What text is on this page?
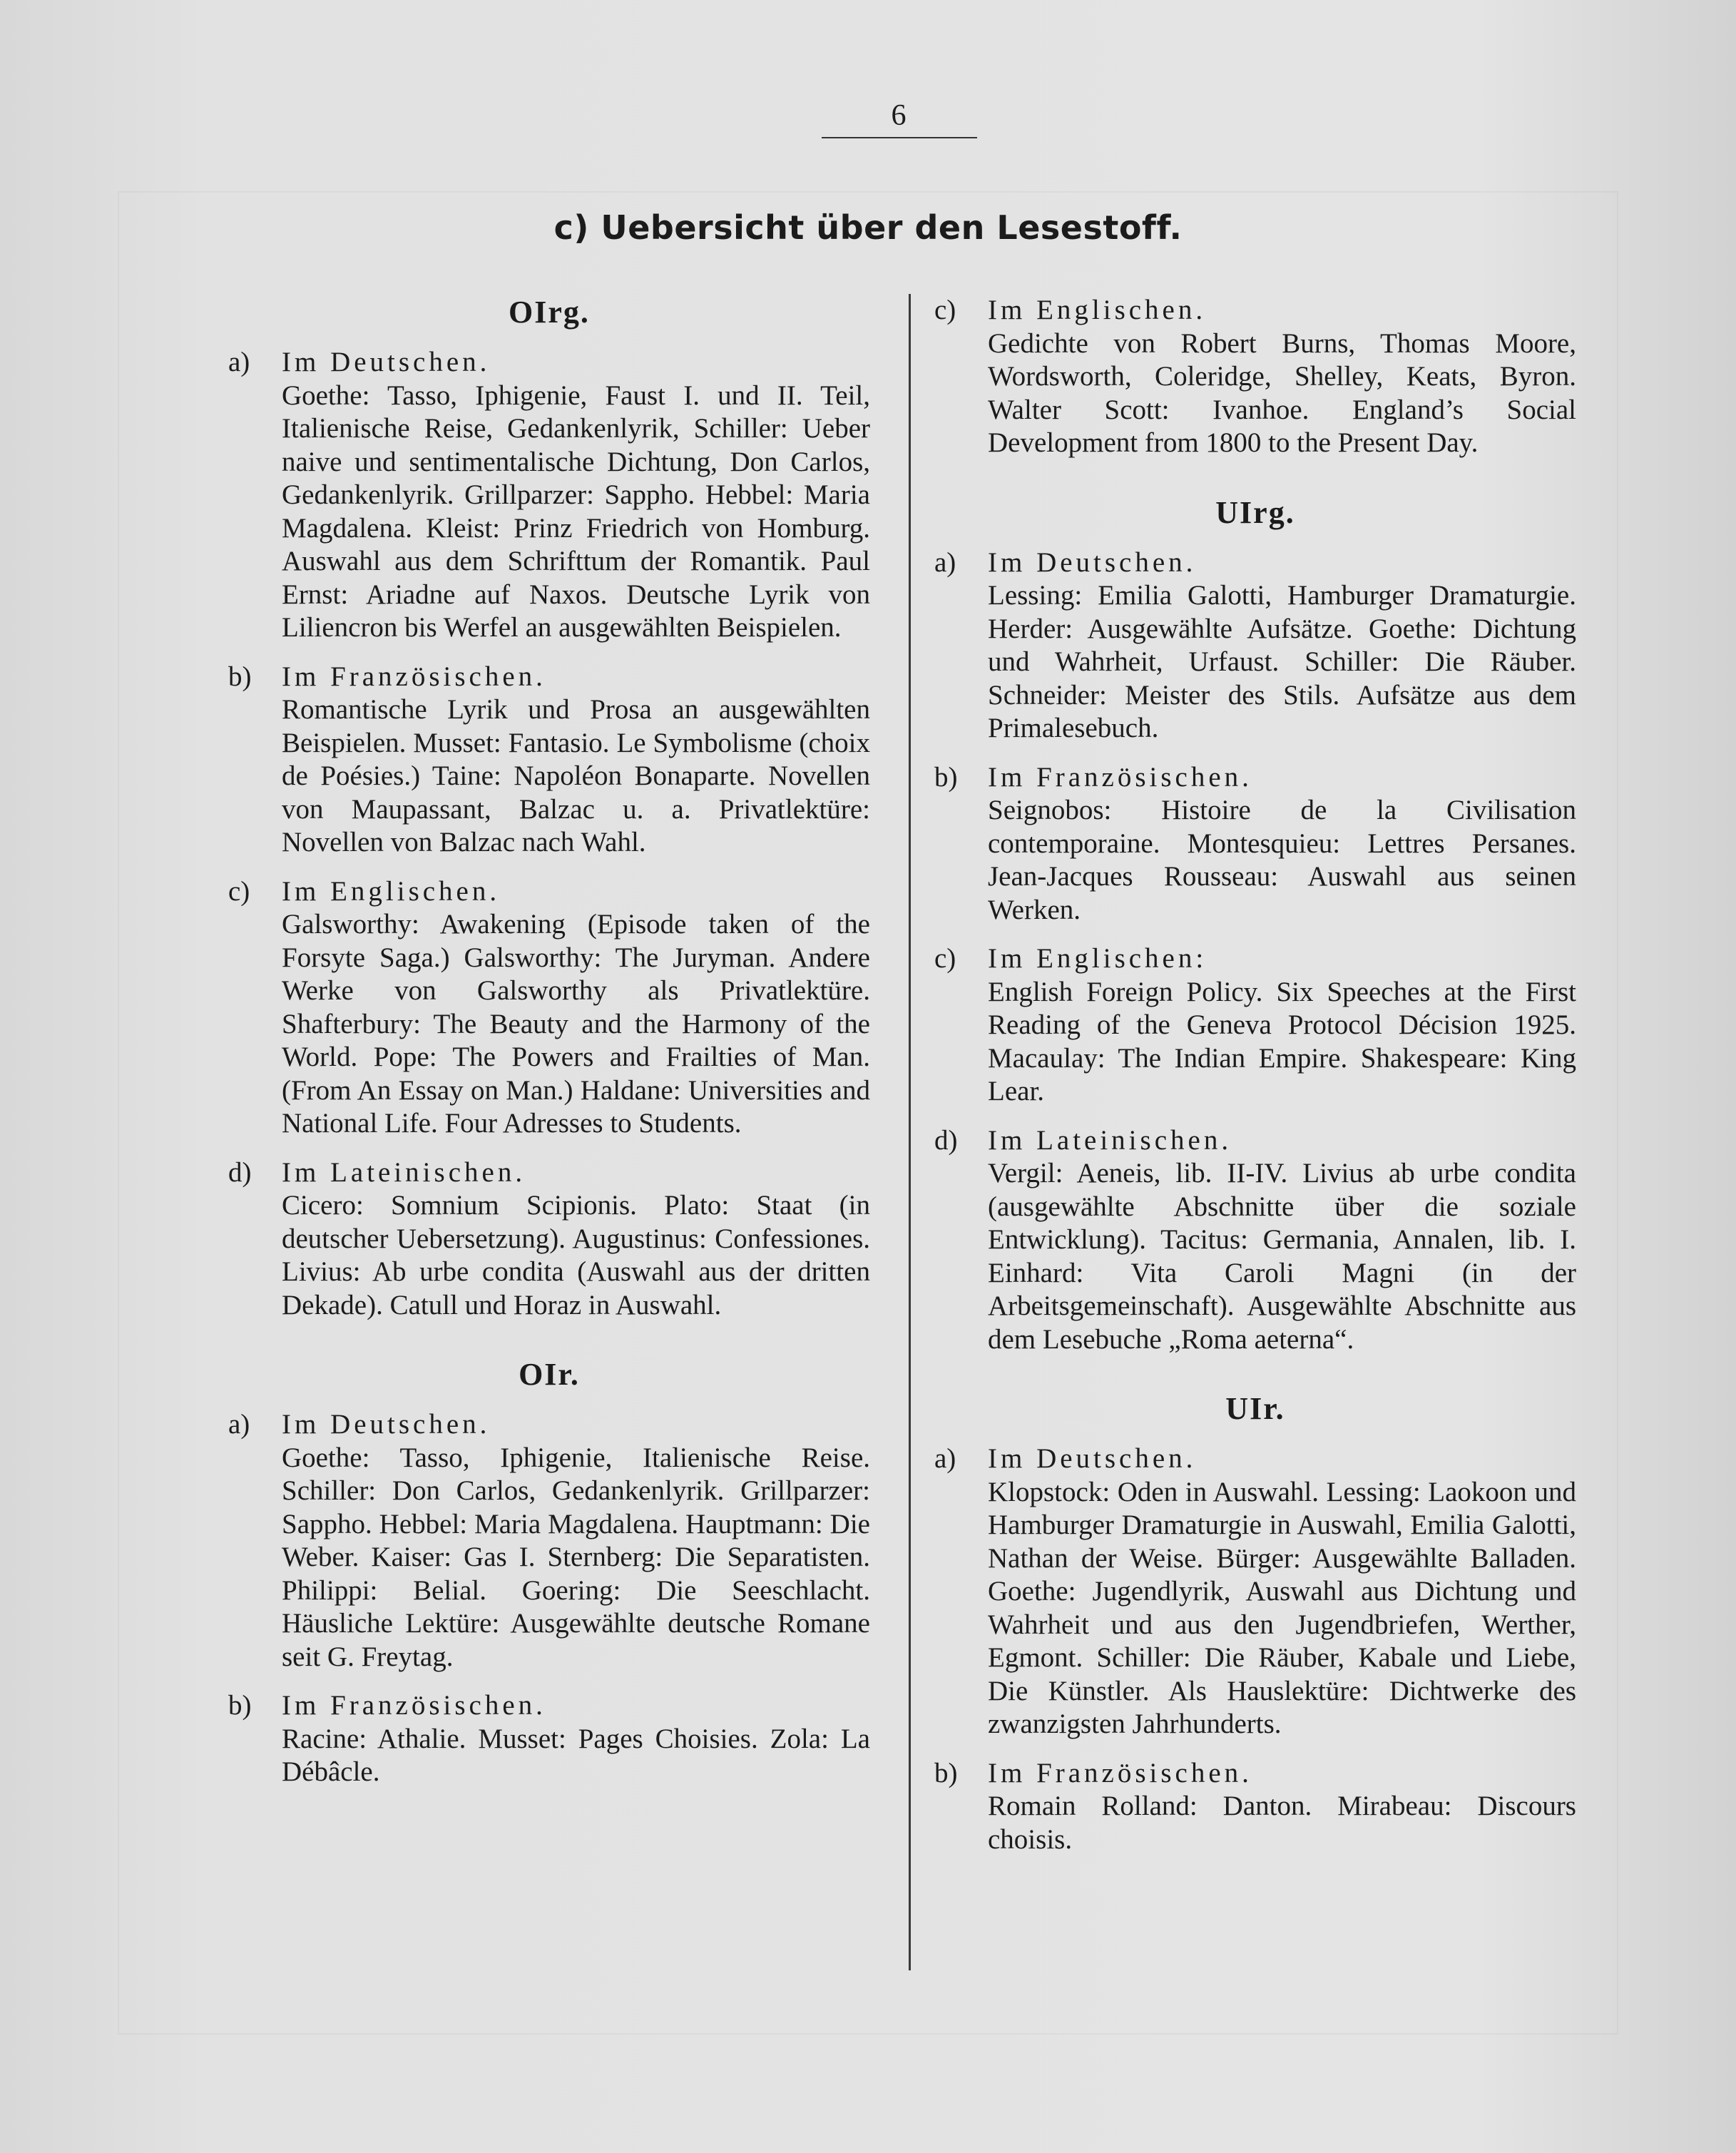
6
c) Uebersicht über den Lesestoff.
OIrg.
a) Im Deutschen.
Goethe: Tasso, Iphigenie, Faust I. und II. Teil, Italienische Reise, Gedankenlyrik, Schiller: Ueber naive und sentimentalische Dichtung, Don Carlos, Gedankenlyrik. Grillparzer: Sappho. Hebbel: Maria Magdalena. Kleist: Prinz Friedrich von Homburg. Auswahl aus dem Schrifttum der Romantik. Paul Ernst: Ariadne auf Naxos. Deutsche Lyrik von Liliencron bis Werfel an ausgewählten Beispielen.
b) Im Französischen.
Romantische Lyrik und Prosa an ausgewählten Beispielen. Musset: Fantasio. Le Symbolisme (choix de Poésies.) Taine: Napoléon Bonaparte. Novellen von Maupassant, Balzac u. a. Privatlektüre: Novellen von Balzac nach Wahl.
c) Im Englischen.
Galsworthy: Awakening (Episode taken of the Forsyte Saga.) Galsworthy: The Juryman. Andere Werke von Galsworthy als Privatlektüre. Shafterbury: The Beauty and the Harmony of the World. Pope: The Powers and Frailties of Man. (From An Essay on Man.) Haldane: Universities and National Life. Four Adresses to Students.
d) Im Lateinischen.
Cicero: Somnium Scipionis. Plato: Staat (in deutscher Uebersetzung). Augustinus: Confessiones. Livius: Ab urbe condita (Auswahl aus der dritten Dekade). Catull und Horaz in Auswahl.
OIr.
a) Im Deutschen.
Goethe: Tasso, Iphigenie, Italienische Reise. Schiller: Don Carlos, Gedankenlyrik. Grillparzer: Sappho. Hebbel: Maria Magdalena. Hauptmann: Die Weber. Kaiser: Gas I. Sternberg: Die Separatisten. Philippi: Belial. Goering: Die Seeschlacht. Häusliche Lektüre: Ausgewählte deutsche Romane seit G. Freytag.
b) Im Französischen.
Racine: Athalie. Musset: Pages Choisies. Zola: La Débâcle.
c) Im Englischen.
Gedichte von Robert Burns, Thomas Moore, Wordsworth, Coleridge, Shelley, Keats, Byron. Walter Scott: Ivanhoe. England’s Social Development from 1800 to the Present Day.
UIrg.
a) Im Deutschen.
Lessing: Emilia Galotti, Hamburger Dramaturgie. Herder: Ausgewählte Aufsätze. Goethe: Dichtung und Wahrheit, Urfaust. Schiller: Die Räuber. Schneider: Meister des Stils. Aufsätze aus dem Primalesebuch.
b) Im Französischen.
Seignobos: Histoire de la Civilisation contemporaine. Montesquieu: Lettres Persanes. Jean-Jacques Rousseau: Auswahl aus seinen Werken.
c) Im Englischen:
English Foreign Policy. Six Speeches at the First Reading of the Geneva Protocol Décision 1925. Macaulay: The Indian Empire. Shakespeare: King Lear.
d) Im Lateinischen.
Vergil: Aeneis, lib. II-IV. Livius ab urbe condita (ausgewählte Abschnitte über die soziale Entwicklung). Tacitus: Germania, Annalen, lib. I. Einhard: Vita Caroli Magni (in der Arbeitsgemeinschaft). Ausgewählte Abschnitte aus dem Lesebuche „Roma aeterna“.
UIr.
a) Im Deutschen.
Klopstock: Oden in Auswahl. Lessing: Laokoon und Hamburger Dramaturgie in Auswahl, Emilia Galotti, Nathan der Weise. Bürger: Ausgewählte Balladen. Goethe: Jugendlyrik, Auswahl aus Dichtung und Wahrheit und aus den Jugendbriefen, Werther, Egmont. Schiller: Die Räuber, Kabale und Liebe, Die Künstler. Als Hauslektüre: Dichtwerke des zwanzigsten Jahrhunderts.
b) Im Französischen.
Romain Rolland: Danton. Mirabeau: Discours choisis.
